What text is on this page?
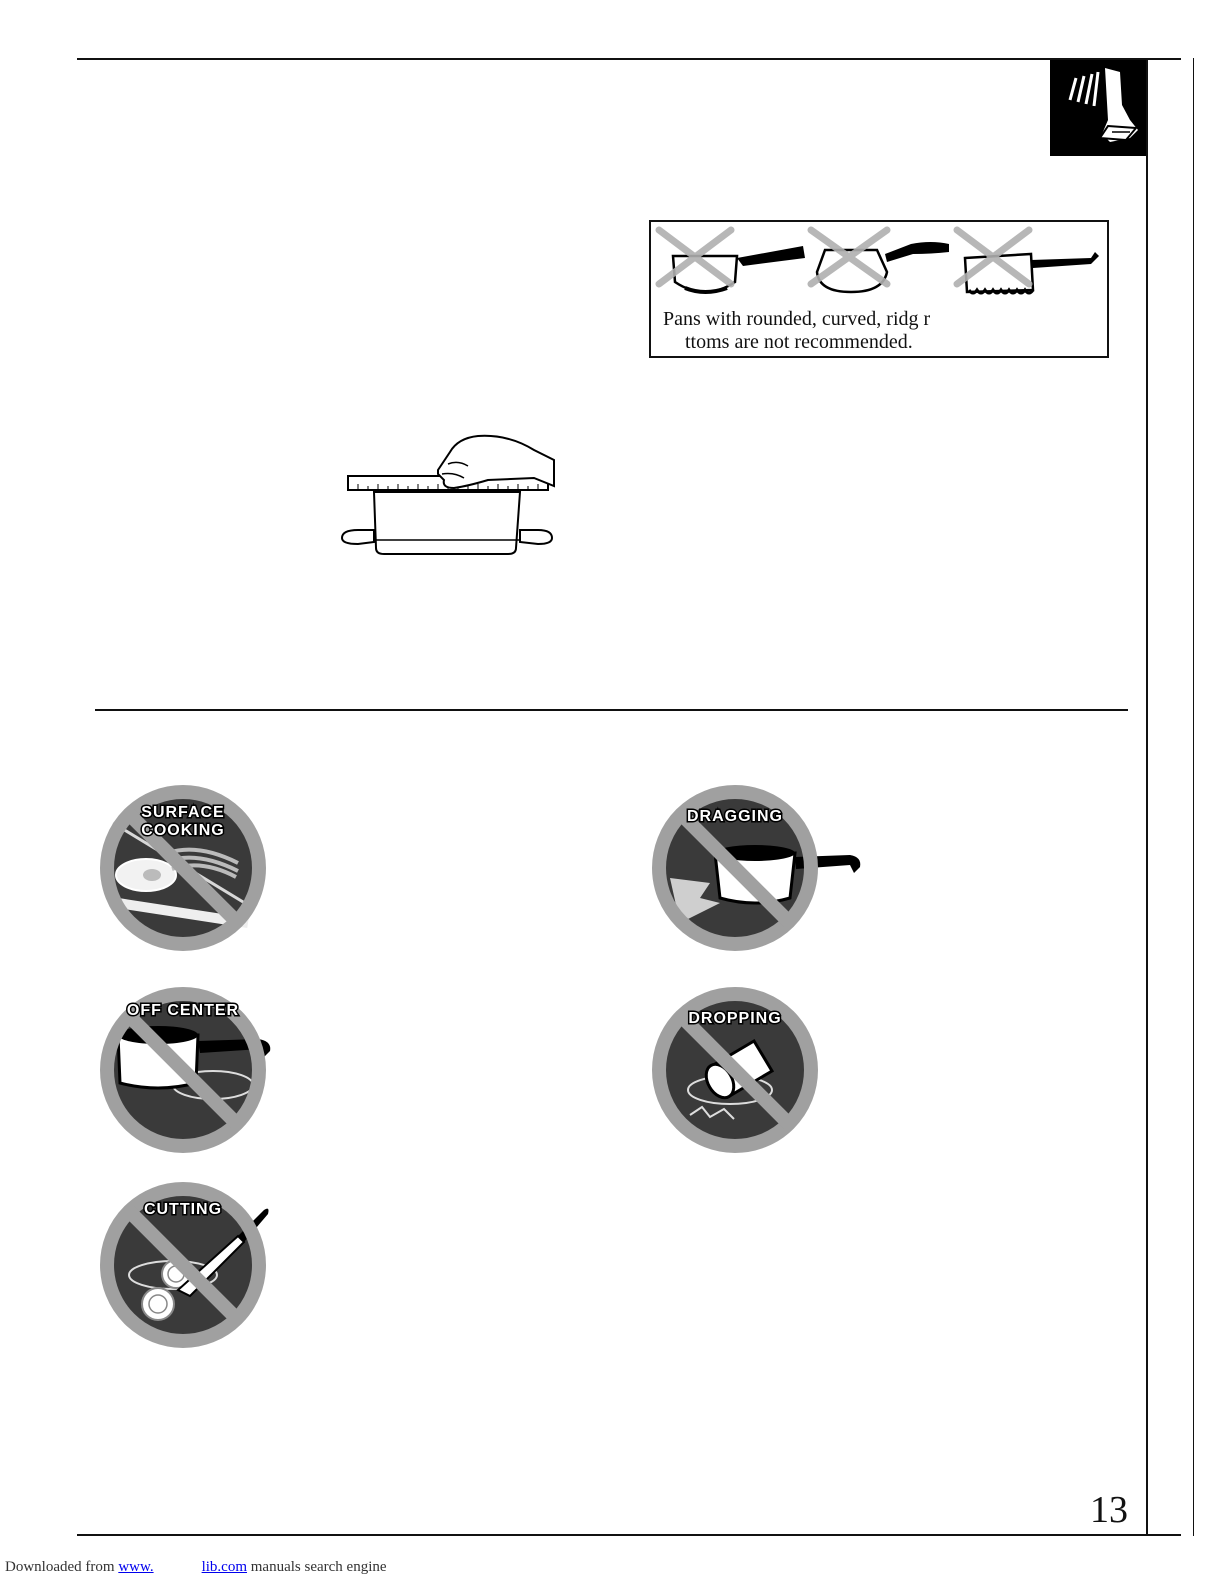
Pans with rounded, curved, ridg r
ttoms are not recommended.
SURFACE
COOKING
DRAGGING
OFF CENTER	DROPPING
CUTTING
13
Downloaded from www.	lib.com manuals search engine
